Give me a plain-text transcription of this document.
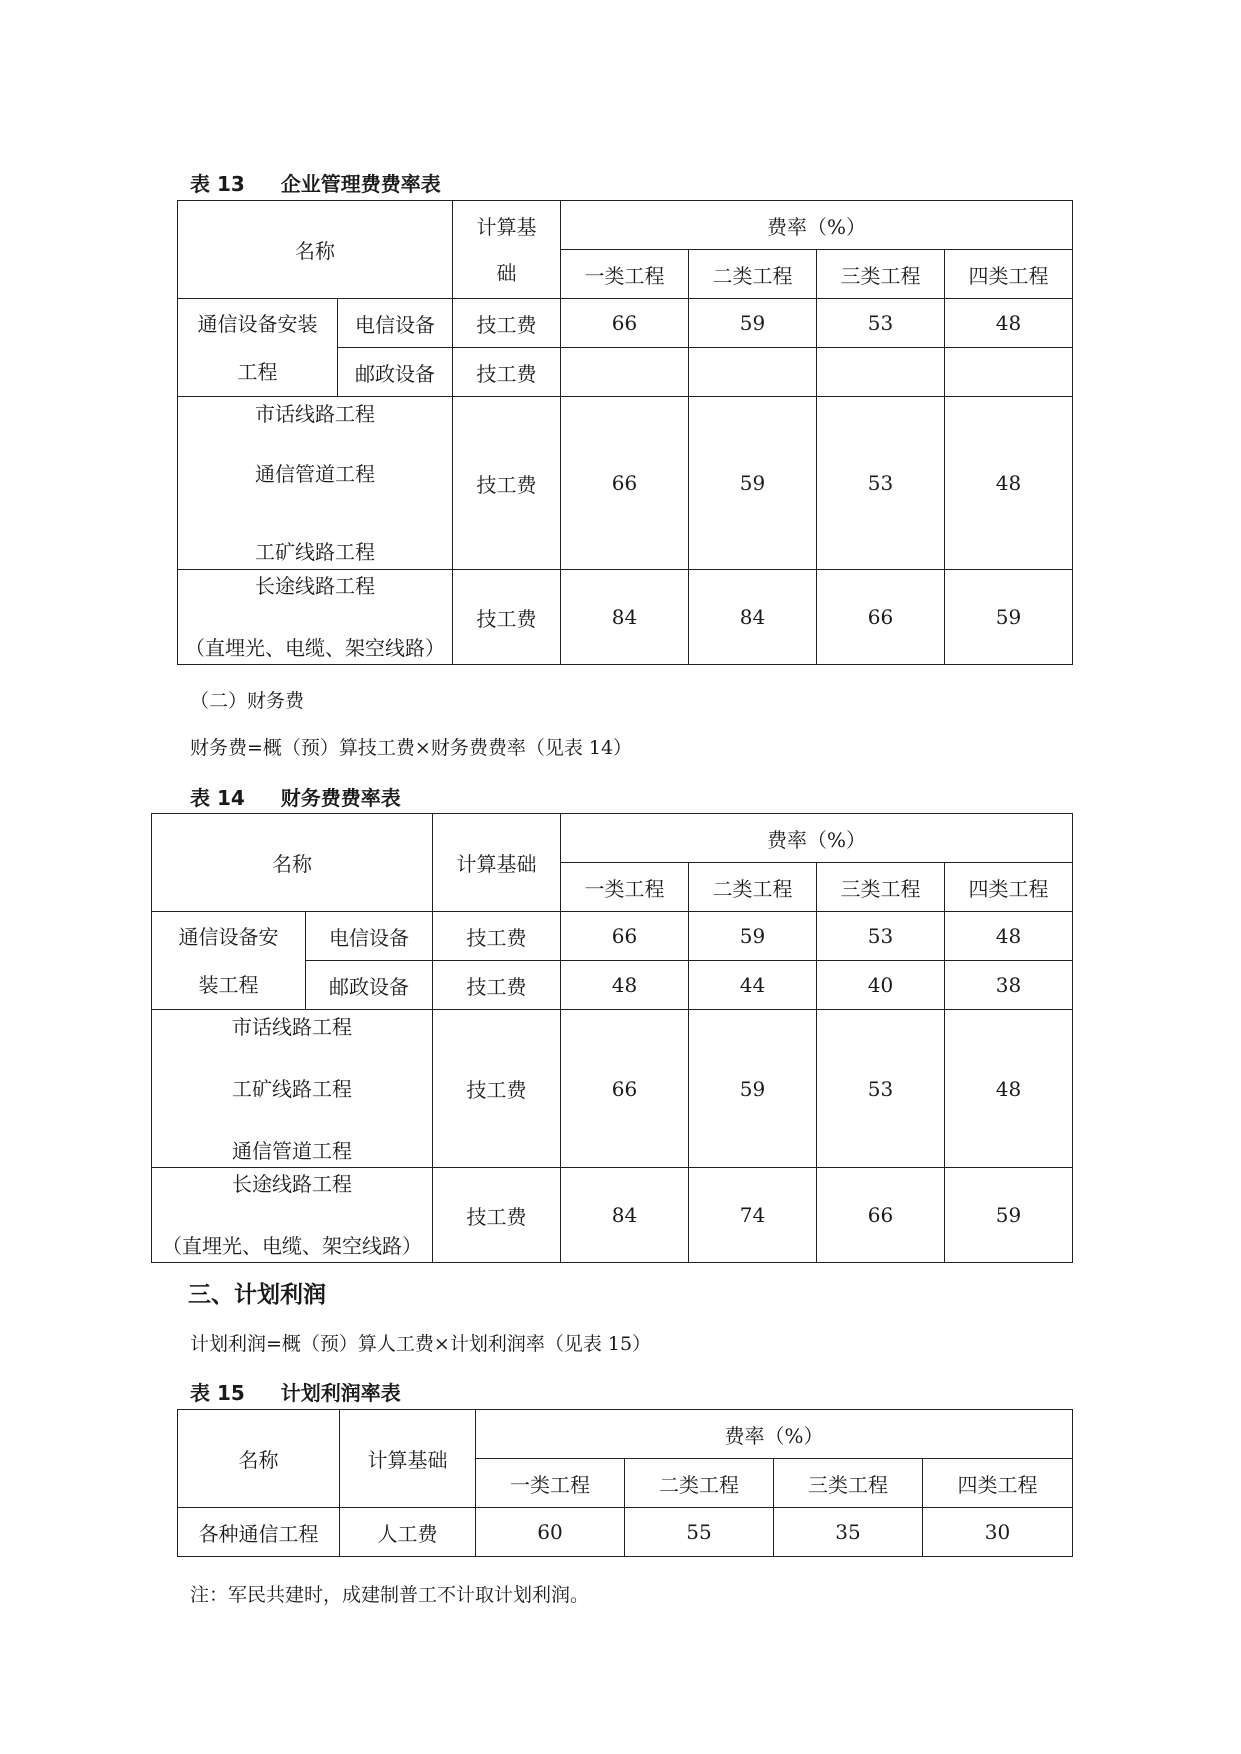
表 13 企业管理费费率表
名称		计算基
础	费率（%）			
			一类工程	二类工程	三类工程	四类工程

通信设备安装
工程	电信设备	技工费	66	59	53	48
	邮政设备	技工费				

市话线路工程
通信管道工程
工矿线路工程		技工费	66	59	53	48

长途线路工程
（直埋光、电缆、架空线路）		技工费	84	84	66	59
（二）财务费
财务费=概（预）算技工费×财务费费率（见表 14）
表 14 财务费费率表
名称		计算基础	费率（%）			
			一类工程	二类工程	三类工程	四类工程

通信设备安
装工程	电信设备	技工费	66	59	53	48
	邮政设备	技工费	48	44	40	38

市话线路工程
工矿线路工程
通信管道工程		技工费	66	59	53	48

长途线路工程
（直埋光、电缆、架空线路）		技工费	84	74	66	59
三、计划利润
计划利润=概（预）算人工费×计划利润率（见表 15）
表 15 计划利润率表
名称	计算基础	费率（%）			
		一类工程	二类工程	三类工程	四类工程
各种通信工程	人工费	60	55	35	30
注：军民共建时，成建制普工不计取计划利润。
